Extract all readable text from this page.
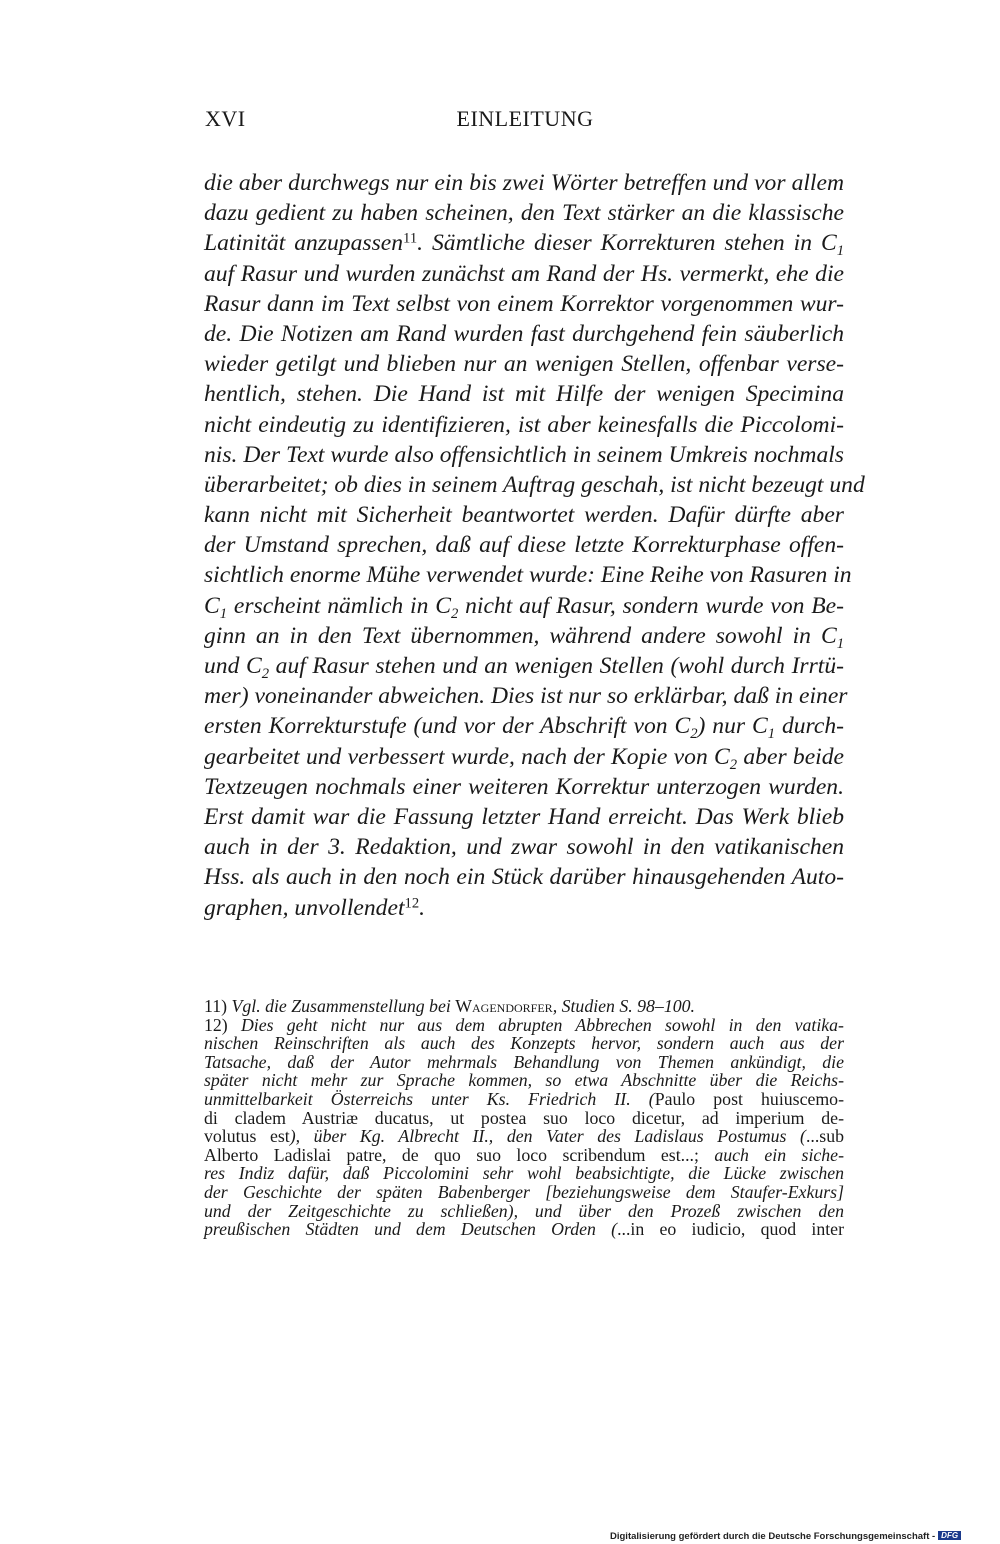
XVI	EINLEITUNG
die aber durchwegs nur ein bis zwei Wörter betreffen und vor allem
dazu gedient zu haben scheinen, den Text stärker an die klassische
Latinität anzupassen$^{11}$. Sämtliche dieser Korrekturen stehen in $C_1$
auf Rasur und wurden zunächst am Rand der Hs. vermerkt, ehe die
Rasur dann im Text selbst von einem Korrektor vorgenommen wur-
de. Die Notizen am Rand wurden fast durchgehend fein säuberlich
wieder getilgt und blieben nur an wenigen Stellen, offenbar verse-
hentlich, stehen. Die Hand ist mit Hilfe der wenigen Specimina
nicht eindeutig zu identifizieren, ist aber keinesfalls die Piccolomi-
nis. Der Text wurde also offensichtlich in seinem Umkreis nochmals
überarbeitet; ob dies in seinem Auftrag geschah, ist nicht bezeugt und
kann nicht mit Sicherheit beantwortet werden. Dafür dürfte aber
der Umstand sprechen, daß auf diese letzte Korrekturphase offen-
sichtlich enorme Mühe verwendet wurde: Eine Reihe von Rasuren in
$C_1$ erscheint nämlich in $C_2$ nicht auf Rasur, sondern wurde von Be-
ginn an in den Text übernommen, während andere sowohl in $C_1$
und $C_2$ auf Rasur stehen und an wenigen Stellen (wohl durch Irrtü-
mer) voneinander abweichen. Dies ist nur so erklärbar, daß in einer
ersten Korrekturstufe (und vor der Abschrift von $C_2$) nur $C_1$ durch-
gearbeitet und verbessert wurde, nach der Kopie von $C_2$ aber beide
Textzeugen nochmals einer weiteren Korrektur unterzogen wurden.
Erst damit war die Fassung letzter Hand erreicht. Das Werk blieb
auch in der 3. Redaktion, und zwar sowohl in den vatikanischen
Hss. als auch in den noch ein Stück darüber hinausgehenden Auto-
graphen, unvollendet$^{12}$.
11) Vgl. die Zusammenstellung bei Wagendorfer, Studien S. 98–100.
12) Dies geht nicht nur aus dem abrupten Abbrechen sowohl in den vatika-
nischen Reinschriften als auch des Konzepts hervor, sondern auch aus der
Tatsache, daß der Autor mehrmals Behandlung von Themen ankündigt, die
später nicht mehr zur Sprache kommen, so etwa Abschnitte über die Reichs-
unmittelbarkeit Österreichs unter Ks. Friedrich II. (Paulo post huiuscemo-
di cladem Austriæ ducatus, ut postea suo loco dicetur, ad imperium de-
volutus est), über Kg. Albrecht II., den Vater des Ladislaus Postumus (...sub
Alberto Ladislai patre, de quo suo loco scribendum est...; auch ein siche-
res Indiz dafür, daß Piccolomini sehr wohl beabsichtigte, die Lücke zwischen
der Geschichte der späten Babenberger [beziehungsweise dem Staufer-Exkurs]
und der Zeitgeschichte zu schließen), und über den Prozeß zwischen den
preußischen Städten und dem Deutschen Orden (...in eo iudicio, quod inter
Digitalisierung gefördert durch die Deutsche Forschungsgemeinschaft - DFG
